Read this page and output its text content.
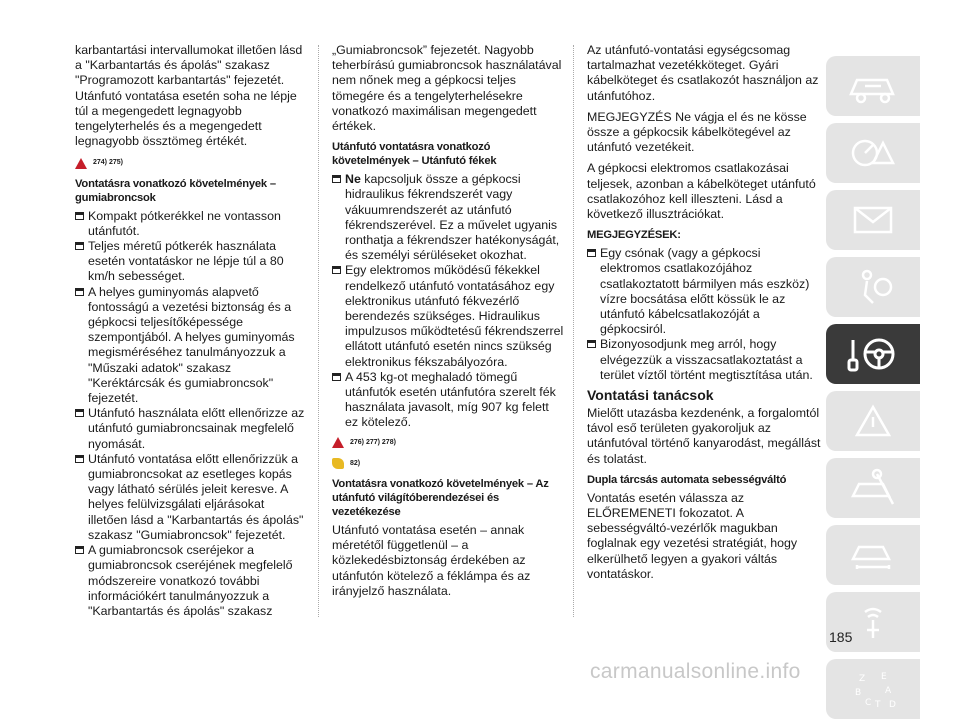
karbantartási intervallumokat illetően lásd a "Karbantartás és ápolás" szakasz "Programozott karbantartás" fejezetét. Utánfutó vontatása esetén soha ne lépje túl a megengedett legnagyobb tengelyterhelés és a megengedett legnagyobb össztömeg értékét.

274) 275)
Vontatásra vonatkozó követelmények – gumiabroncsok
Kompakt pótkerékkel ne vontasson utánfutót.
Teljes méretű pótkerék használata esetén vontatáskor ne lépje túl a 80 km/h sebességet.
A helyes guminyomás alapvető fontosságú a vezetési biztonság és a gépkocsi teljesítőképessége szempontjából. A helyes guminyomás megisméréséhez tanulmányozzuk a "Műszaki adatok" szakasz "Keréktárcsák és gumiabroncsok" fejezetét.
Utánfutó használata előtt ellenőrizze az utánfutó gumiabroncsainak megfelelő nyomását.
Utánfutó vontatása előtt ellenőrizzük a gumiabroncsokat az esetleges kopás vagy látható sérülés jeleit keresve. A helyes felülvizsgálati eljárásokat illetően lásd a "Karbantartás és ápolás" szakasz "Gumiabroncsok" fejezetét.
A gumiabroncsok cseréjekor a gumiabroncsok cseréjének megfelelő módszereire vonatkozó további információkért tanulmányozzuk a "Karbantartás és ápolás" szakasz

„Gumiabroncsok” fejezetét. Nagyobb teherbírású gumiabroncsok használatával nem nőnek meg a gépkocsi teljes tömegére és a tengelyterhelésekre vonatkozó maximálisan megengedett értékek.

Utánfutó vontatásra vonatkozó követelmények – Utánfutó fékek
Ne kapcsoljuk össze a gépkocsi hidraulikus fékrendszerét vagy vákuumrendszerét az utánfutó fékrendszerével. Ez a művelet ugyanis ronthatja a fékrendszer hatékonyságát, és személyi sérüléseket okozhat.
Egy elektromos működésű fékekkel rendelkező utánfutó vontatásához egy elektronikus utánfutó fékvezérlő berendezés szükséges. Hidraulikus impulzusos működtetésű fékrendszerrel ellátott utánfutó esetén nincs szükség elektronikus fékszabályozóra.
A 453 kg-ot meghaladó tömegű utánfutók esetén utánfutóra szerelt fék használata javasolt, míg 907 kg felett ez kötelező.
276) 277) 278)
82)
Vontatásra vonatkozó követelmények – Az utánfutó világítóberendezései és vezetékezése

Utánfutó vontatása esetén – annak méretétől függetlenül – a közlekedésbiztonság érdekében az utánfutón kötelező a féklámpa és az irányjelző használata.

Az utánfutó-vontatási egységcsomag tartalmazhat vezetékköteget. Gyári kábelköteget és csatlakozót használjon az utánfutóhoz.

MEGJEGYZÉS Ne vágja el és ne kösse össze a gépkocsik kábelkötegével az utánfutó vezetékeit.

A gépkocsi elektromos csatlakozásai teljesek, azonban a kábelköteget utánfutó csatlakozóhoz kell illeszteni. Lásd a következő illusztrációkat.

MEGJEGYZÉSEK:
Egy csónak (vagy a gépkocsi elektromos csatlakozójához csatlakoztatott bármilyen más eszköz) vízre bocsátása előtt kössük le az utánfutó kábelcsatlakozóját a gépkocsiról.
Bizonyosodjunk meg arról, hogy elvégezzük a visszacsatlakoztatást a terület víztől történt megtisztítása után.
Vontatási tanácsok

Mielőtt utazásba kezdenénk, a forgalomtól távol eső területen gyakoroljuk az utánfutóval történő kanyarodást, megállást és tolatást.

Dupla tárcsás automata sebességváltó

Vontatás esetén válassza az ELŐREMENETI fokozatot. A sebességváltó-vezérlők magukban foglalnak egy vezetési stratégiát, hogy elkerülhető legyen a gyakori váltás vontatáskor.

Z E
B	A
C T D
185
carmanualsonline.info
